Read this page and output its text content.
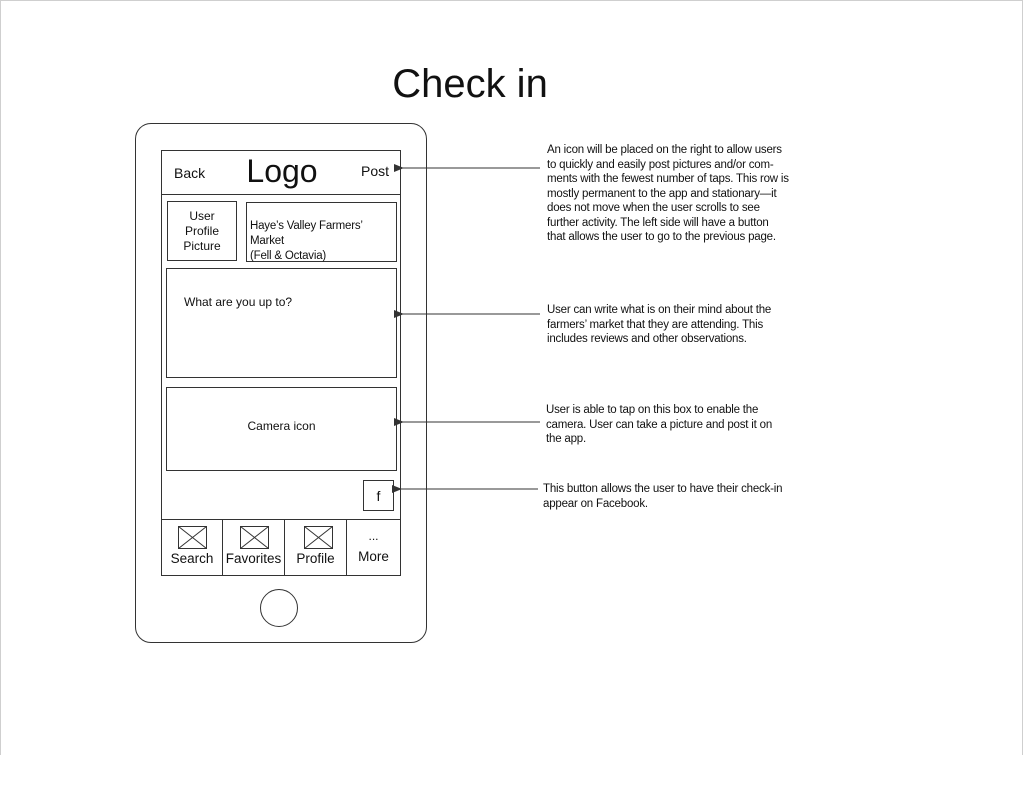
Check in
Back Logo	Post
User
Profile
Picture
Haye’s Valley Farmers’ Market
(Fell & Octavia)
What are you up to?
Camera icon
f
Search Favorites	Profile
...
More
An icon will be placed on the right to allow users
to quickly and easily post pictures and/or com-
ments with the fewest number of taps. This row is
mostly permanent to the app and stationary—it
does not move when the user scrolls to see
further activity. The left side will have a button
that allows the user to go to the previous page.
User can write what is on their mind about the
farmers’ market that they are attending. This
includes reviews and other observations.
User is able to tap on this box to enable the
camera. User can take a picture and post it on
the app.
This button allows the user to have their check-in
appear on Facebook.
